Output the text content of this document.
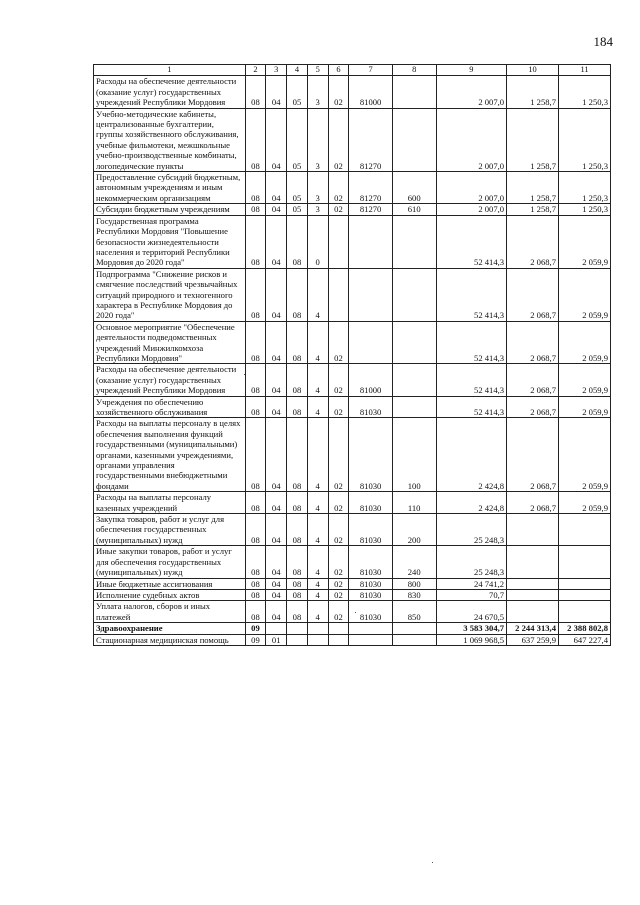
184
1	2	3	4	5	6	7	8	9	10	11
Расходы на обеспечение деятельности (оказание услуг) государственных учреждений Республики Мордовия	08	04	05	3	02	81000		2 007,0	1 258,7	1 250,3
Учебно-методические кабинеты, централизованные бухгалтерии, группы хозяйственного обслуживания, учебные фильмотеки, межшкольные учебно-производственные комбинаты, логопедические пункты	08	04	05	3	02	81270		2 007,0	1 258,7	1 250,3
Предоставление субсидий бюджетным, автономным учреждениям и иным некоммерческим организациям	08	04	05	3	02	81270	600	2 007,0	1 258,7	1 250,3
Субсидии бюджетным учреждениям	08	04	05	3	02	81270	610	2 007,0	1 258,7	1 250,3
Государственная программа Республики Мордовия "Повышение безопасности жизнедеятельности населения и территорий Республики Мордовия до 2020 года"	08	04	08	0				52 414,3	2 068,7	2 059,9
Подпрограмма "Снижение рисков и смягчение последствий чрезвычайных ситуаций природного и техногенного характера в Республике Мордовия до 2020 года"	08	04	08	4				52 414,3	2 068,7	2 059,9
Основное мероприятие "Обеспечение деятельности подведомственных учреждений Минжилкомхоза Республики Мордовия"	08	04	08	4	02			52 414,3	2 068,7	2 059,9
Расходы на обеспечение деятельности (оказание услуг) государственных учреждений Республики Мордовия	08	04	08	4	02	81000		52 414,3	2 068,7	2 059,9
Учреждения по обеспечению хозяйственного обслуживания	08	04	08	4	02	81030		52 414,3	2 068,7	2 059,9
Расходы на выплаты персоналу в целях обеспечения выполнения функций государственными (муниципальными) органами, казенными учреждениями, органами управления государственными внебюджетными фондами	08	04	08	4	02	81030	100	2 424,8	2 068,7	2 059,9
Расходы на выплаты персоналу казенных учреждений	08	04	08	4	02	81030	110	2 424,8	2 068,7	2 059,9
Закупка товаров, работ и услуг для обеспечения государственных (муниципальных) нужд	08	04	08	4	02	81030	200	25 248,3		
Иные закупки товаров, работ и услуг для обеспечения государственных (муниципальных) нужд	08	04	08	4	02	81030	240	25 248,3		
Иные бюджетные ассигнования	08	04	08	4	02	81030	800	24 741,2		
Исполнение судебных актов	08	04	08	4	02	81030	830	70,7		
Уплата налогов, сборов и иных платежей	08	04	08	4	02	81030	850	24 670,5		
Здравоохранение	09							3 583 304,7	2 244 313,4	2 388 802,8
Стационарная медицинская помощь	09	01						1 069 968,5	637 259,9	647 227,4
